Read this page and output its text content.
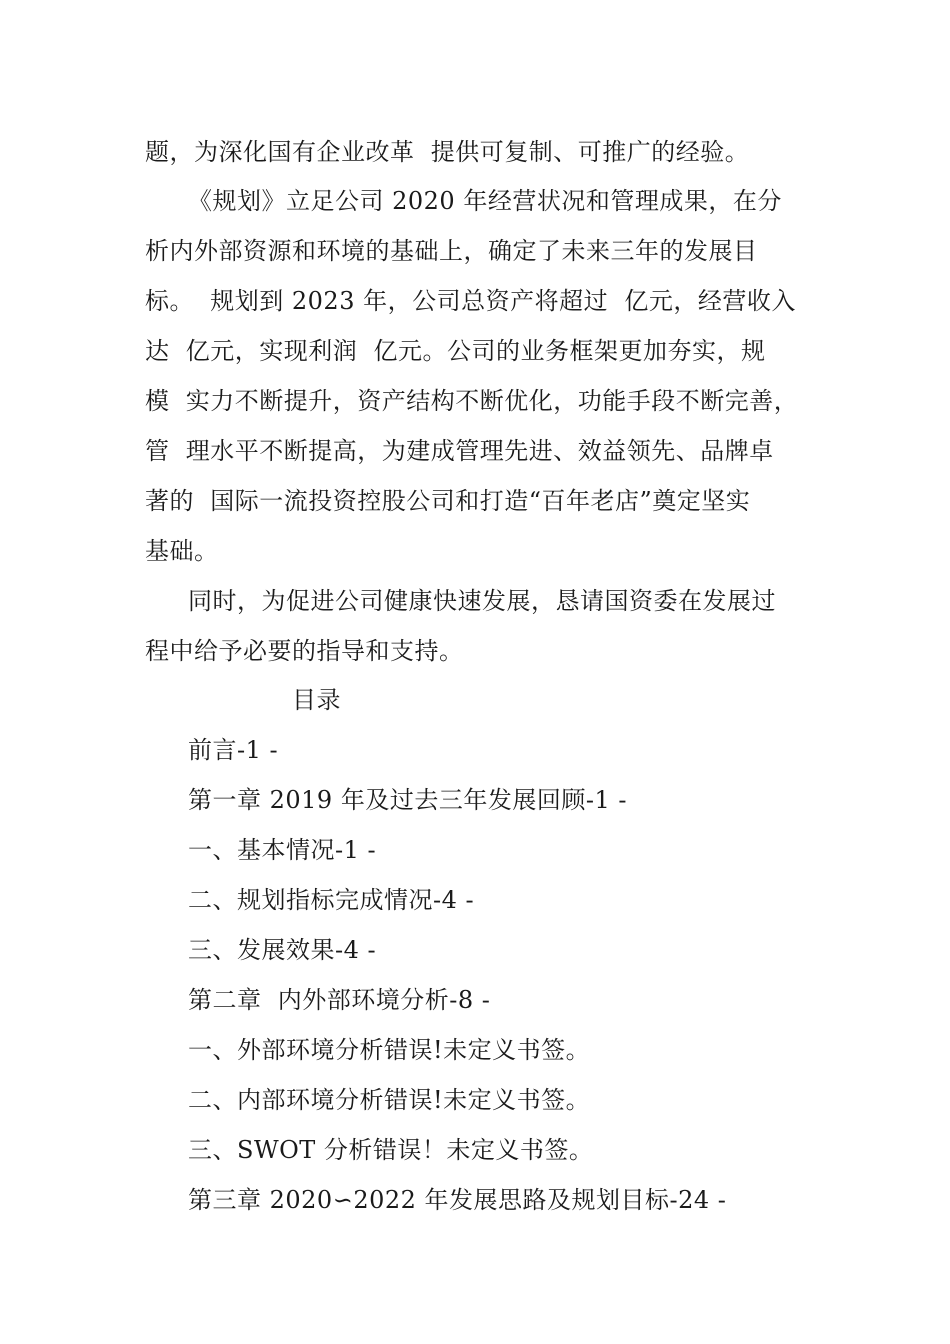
题，为深化国有企业改革  提供可复制、可推广的经验。
《规划》立足公司 2020 年经营状况和管理成果，在分
析内外部资源和环境的基础上，确定了未来三年的发展目
标。  规划到 2023 年，公司总资产将超过  亿元，经营收入
达  亿元，实现利润  亿元。公司的业务框架更加夯实，规
模  实力不断提升，资产结构不断优化，功能手段不断完善，
管  理水平不断提高，为建成管理先进、效益领先、品牌卓
著的  国际一流投资控股公司和打造“百年老店”奠定坚实
基础。
同时，为促进公司健康快速发展，恳请国资委在发展过
程中给予必要的指导和支持。
目录
前言-1 -
第一章 2019 年及过去三年发展回顾-1 -
一、基本情况-1 -
二、规划指标完成情况-4 -
三、发展效果-4 -
第二章  内外部环境分析-8 -
一、外部环境分析错误!未定义书签。
二、内部环境分析错误!未定义书签。
三、SWOT 分析错误！未定义书签。
第三章 2020∽2022 年发展思路及规划目标-24 -
